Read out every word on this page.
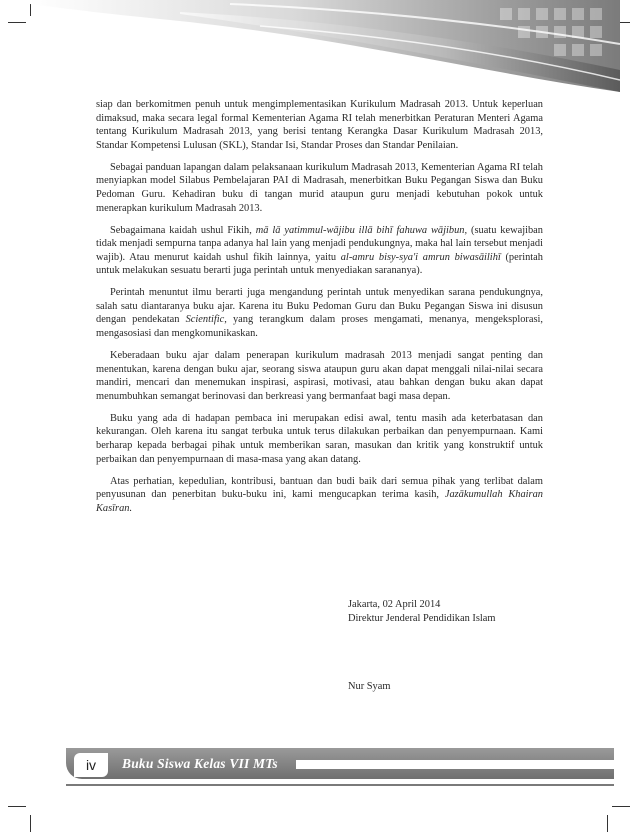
siap dan berkomitmen penuh untuk mengimplementasikan Kurikulum Madrasah 2013. Untuk keperluan dimaksud, maka secara legal formal Kementerian Agama RI telah menerbitkan Peraturan Menteri Agama tentang Kurikulum Madrasah 2013, yang berisi tentang Kerangka Dasar Kurikulum Madrasah 2013, Standar Kompetensi Lulusan (SKL), Standar Isi, Standar Proses dan Standar Penilaian.

Sebagai panduan lapangan dalam pelaksanaan kurikulum Madrasah 2013, Kementerian Agama RI telah menyiapkan model Silabus Pembelajaran PAI di Madrasah, menerbitkan Buku Pegangan Siswa dan Buku Pedoman Guru. Kehadiran buku di tangan murid ataupun guru menjadi kebutuhan pokok untuk menerapkan kurikulum Madrasah 2013.

Sebagaimana kaidah ushul Fikih, mā lā yatimmul-wājibu illā bihī fahuwa wājibun, (suatu kewajiban tidak menjadi sempurna tanpa adanya hal lain yang menjadi pendukungnya, maka hal lain tersebut menjadi wajib). Atau menurut kaidah ushul fikih lainnya, yaitu al-amru bisy-sya'i amrun biwasāilihī (perintah untuk melakukan sesuatu berarti juga perintah untuk menyediakan sarananya).

Perintah menuntut ilmu berarti juga mengandung perintah untuk menyedikan sarana pendukungnya, salah satu diantaranya buku ajar. Karena itu Buku Pedoman Guru dan Buku Pegangan Siswa ini disusun dengan pendekatan Scientific, yang terangkum dalam proses mengamati, menanya, mengeksplorasi, mengasosiasi dan mengkomunikaskan.

Keberadaan buku ajar dalam penerapan kurikulum madrasah 2013 menjadi sangat penting dan menentukan, karena dengan buku ajar, seorang siswa ataupun guru akan dapat menggali nilai-nilai secara mandiri, mencari dan menemukan inspirasi, aspirasi, motivasi, atau bahkan dengan buku akan dapat menumbuhkan semangat berinovasi dan berkreasi yang bermanfaat bagi masa depan.

Buku yang ada di hadapan pembaca ini merupakan edisi awal, tentu masih ada keterbatasan dan kekurangan. Oleh karena itu sangat terbuka untuk terus dilakukan perbaikan dan penyempurnaan. Kami berharap kepada berbagai pihak untuk memberikan saran, masukan dan kritik yang konstruktif untuk perbaikan dan penyempurnaan di masa-masa yang akan datang.

Atas perhatian, kepedulian, kontribusi, bantuan dan budi baik dari semua pihak yang terlibat dalam penyusunan dan penerbitan buku-buku ini, kami mengucapkan terima kasih, Jazākumullah Khairan Kasīran.

Jakarta, 02 April 2014
Direktur Jenderal Pendidikan Islam
Nur Syam
iv	Buku Siswa Kelas VII MTs
